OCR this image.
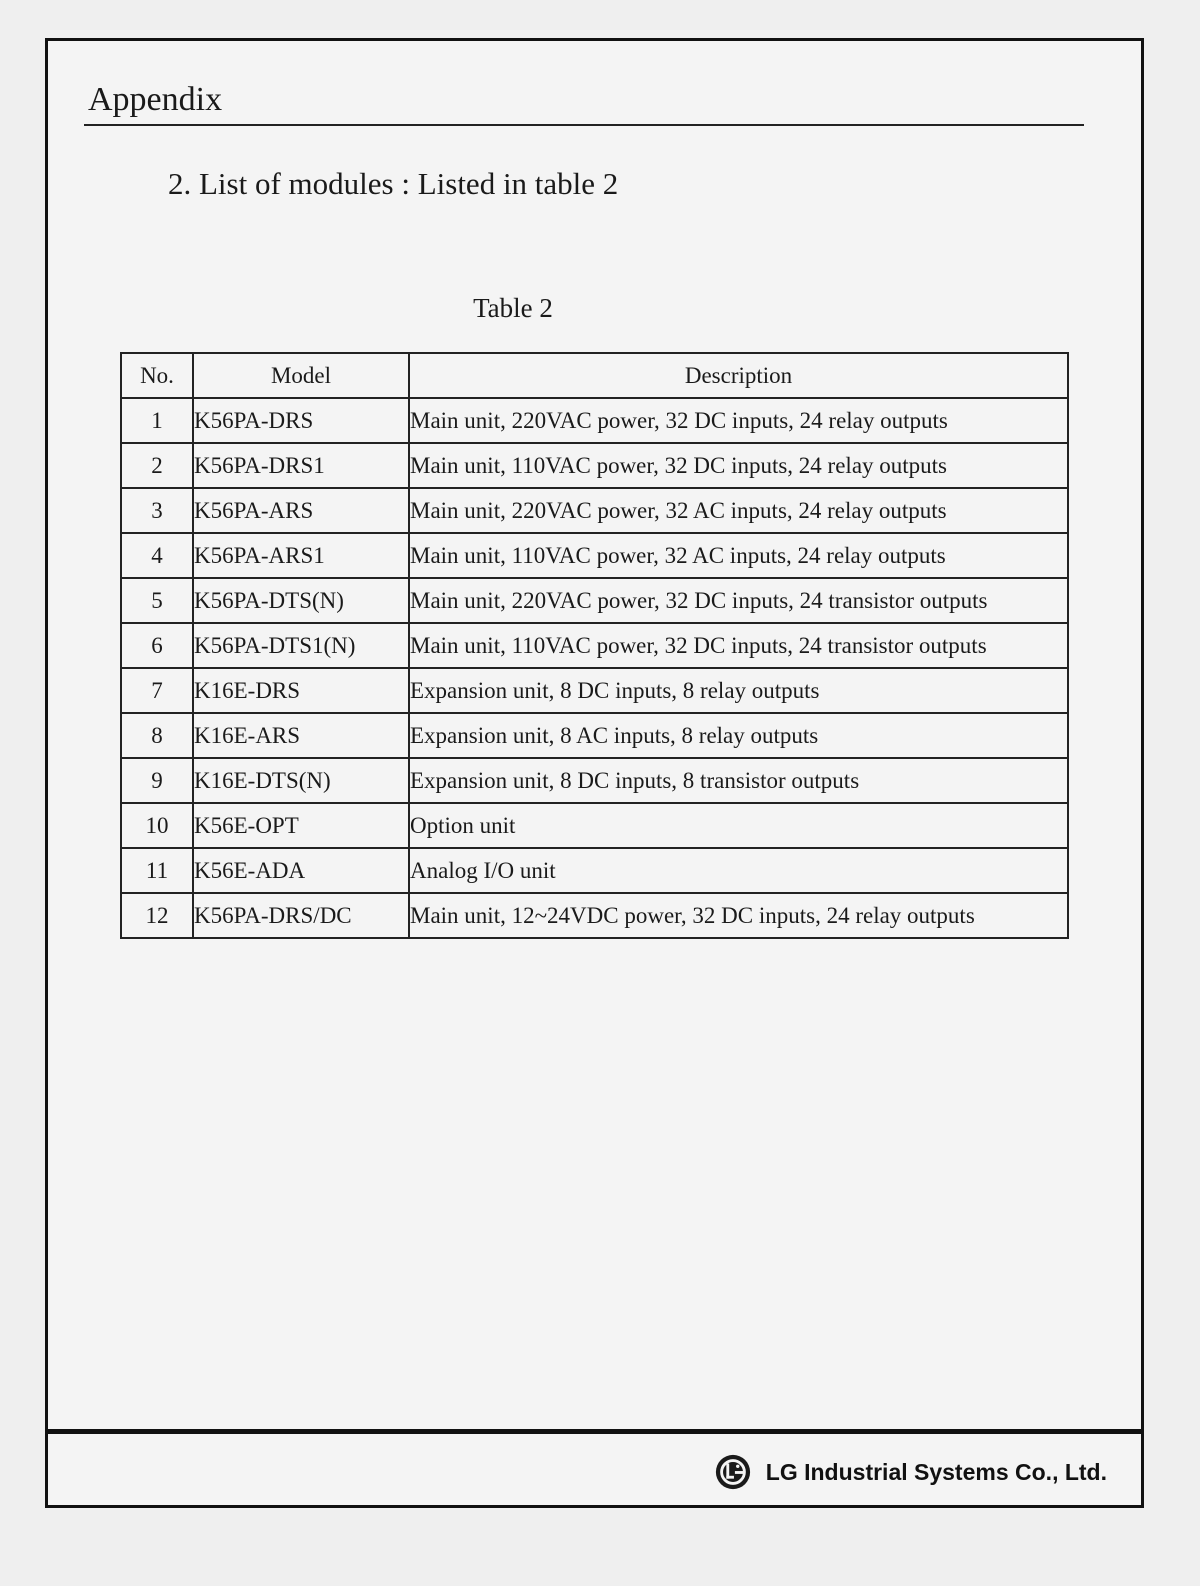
Appendix
2. List of modules : Listed in table 2
Table 2
No.	Model	Description
1	K56PA-DRS	Main unit, 220VAC power, 32 DC inputs, 24 relay outputs
2	K56PA-DRS1	Main unit, 110VAC power, 32 DC inputs, 24 relay outputs
3	K56PA-ARS	Main unit, 220VAC power, 32 AC inputs, 24 relay outputs
4	K56PA-ARS1	Main unit, 110VAC power, 32 AC inputs, 24 relay outputs
5	K56PA-DTS(N)	Main unit, 220VAC power, 32 DC inputs, 24 transistor outputs
6	K56PA-DTS1(N)	Main unit, 110VAC power, 32 DC inputs, 24 transistor outputs
7	K16E-DRS	Expansion unit, 8 DC inputs, 8 relay outputs
8	K16E-ARS	Expansion unit, 8 AC inputs, 8 relay outputs
9	K16E-DTS(N)	Expansion unit, 8 DC inputs, 8 transistor outputs
10	K56E-OPT	Option unit
11	K56E-ADA	Analog I/O unit
12	K56PA-DRS/DC	Main unit, 12~24VDC power, 32 DC inputs, 24 relay outputs
LG Industrial Systems Co., Ltd.
